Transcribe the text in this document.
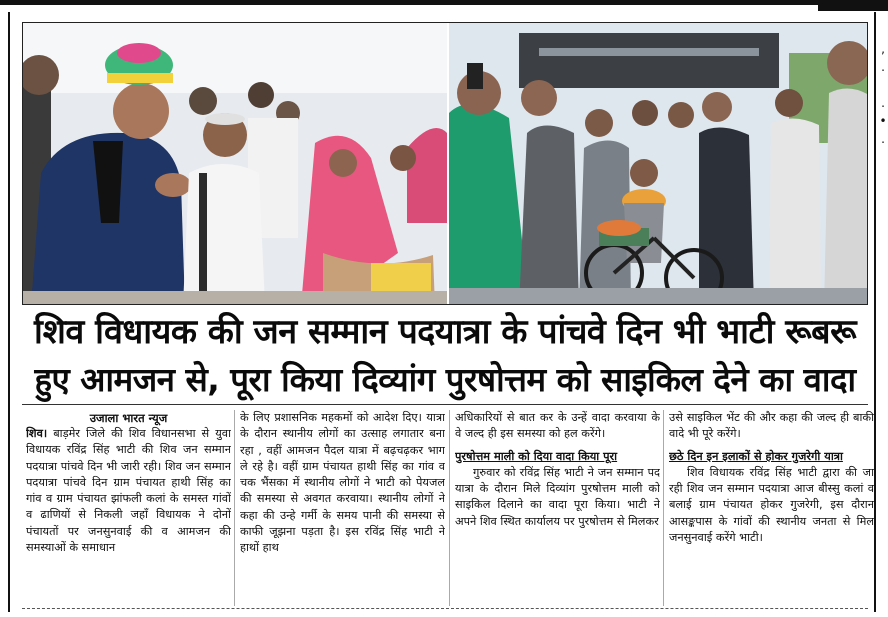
,
.

.
•
.
शिव विधायक की जन सम्मान पदयात्रा के पांचवे दिन भी भाटी रूबरू
हुए आमजन से, पूरा किया दिव्यांग पुरषोत्तम को साइकिल देने का वादा
उजाला भारत न्यूज

शिव। बाड़मेर जिले की शिव विधानसभा से युवा विधायक रविंद्र सिंह भाटी की शिव जन सम्मान पदयात्रा पांचवे दिन भी जारी रही। शिव जन सम्मान पदयात्रा पांचवे दिन ग्राम पंचायत हाथी सिंह का गांव व ग्राम पंचायत झांफली कलां के समस्त गांवों व ढाणियों से निकली जहाँ विधायक ने दोनों पंचायतों पर जनसुनवाई की व आमजन की समस्याओं के समाधान

के लिए प्रशासनिक महकमों को आदेश दिए। यात्रा के दौरान स्थानीय लोगों का उत्साह लगातार बना रहा , वहीं आमजन पैदल यात्रा में बढ़चढ़कर भाग ले रहे है। वहीं ग्राम पंचायत हाथी सिंह का गांव व चक भैंसका में स्थानीय लोगों ने भाटी को पेयजल की समस्या से अवगत करवाया। स्थानीय लोगों ने कहा की उन्हे गर्मी के समय पानी की समस्या से काफी जूझना पड़ता है। इस रविंद्र सिंह भाटी ने हाथों हाथ

अधिकारियों से बात कर के उन्हें वादा करवाया के वे जल्द ही इस समस्या को हल करेंगे।

पुरषोत्तम माली को दिया वादा किया पूरा

गुरुवार को रविंद्र सिंह भाटी ने जन सम्मान पद यात्रा के दौरान मिले दिव्यांग पुरषोत्तम माली को साइकिल दिलाने का वादा पूरा किया। भाटी ने अपने शिव स्थित कार्यालय पर पुरषोत्तम से मिलकर

उसे साइकिल भेंट की और कहा की जल्द ही बाकी वादे भी पूरे करेंगे।

छठे दिन इन इलाकों से होकर गुजरेगी यात्रा

शिव विधायक रविंद्र सिंह भाटी द्वारा की जा रही शिव जन सम्मान पदयात्रा आज बीस्सु कलां व बलाई ग्राम पंचायत होकर गुजरेगी, इस दौरान आसङ्कपास के गांवों की स्थानीय जनता से मिल जनसुनवाई करेंगे भाटी।
